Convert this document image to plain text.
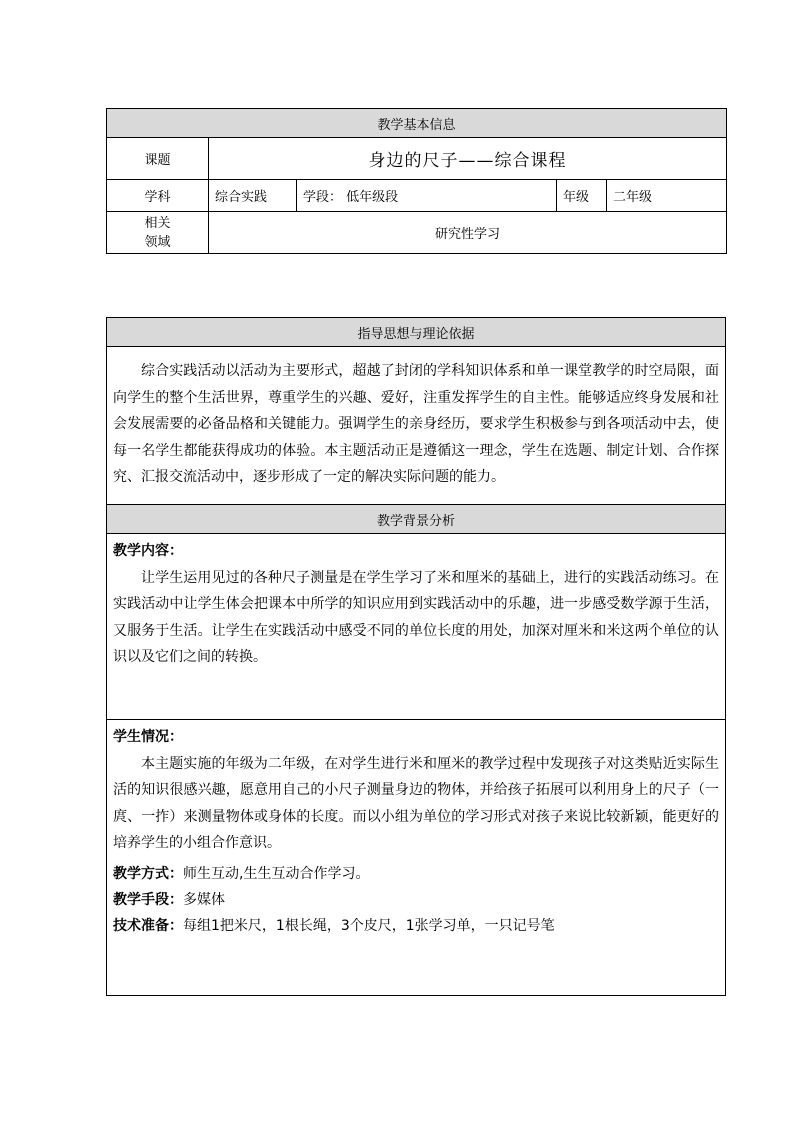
教学基本信息				
课题	身边的尺子——综合课程			
学科	综合实践	学段： 低年级段	年级	二年级

相关
领域	研究性学习			
指导思想与理论依据

综合实践活动以活动为主要形式，超越了封闭的学科知识体系和单一课堂教学的时空局限，面向学生的整个生活世界，尊重学生的兴趣、爱好，注重发挥学生的自主性。能够适应终身发展和社会发展需要的必备品格和关键能力。强调学生的亲身经历，要求学生积极参与到各项活动中去，使每一名学生都能获得成功的体验。本主题活动正是遵循这一理念，学生在选题、制定计划、合作探究、汇报交流活动中，逐步形成了一定的解决实际问题的能力。

教学背景分析

教学内容：

让学生运用见过的各种尺子测量是在学生学习了米和厘米的基础上，进行的实践活动练习。在实践活动中让学生体会把课本中所学的知识应用到实践活动中的乐趣，进一步感受数学源于生活，又服务于生活。让学生在实践活动中感受不同的单位长度的用处，加深对厘米和米这两个单位的认识以及它们之间的转换。

学生情况：

本主题实施的年级为二年级，在对学生进行米和厘米的教学过程中发现孩子对这类贴近实际生活的知识很感兴趣，愿意用自己的小尺子测量身边的物体，并给孩子拓展可以利用身上的尺子（一庹、一拃）来测量物体或身体的长度。而以小组为单位的学习形式对孩子来说比较新颖，能更好的培养学生的小组合作意识。

教学方式：师生互动,生生互动合作学习。
教学手段：多媒体
技术准备：每组1把米尺，1根长绳，3个皮尺，1张学习单，一只记号笔
